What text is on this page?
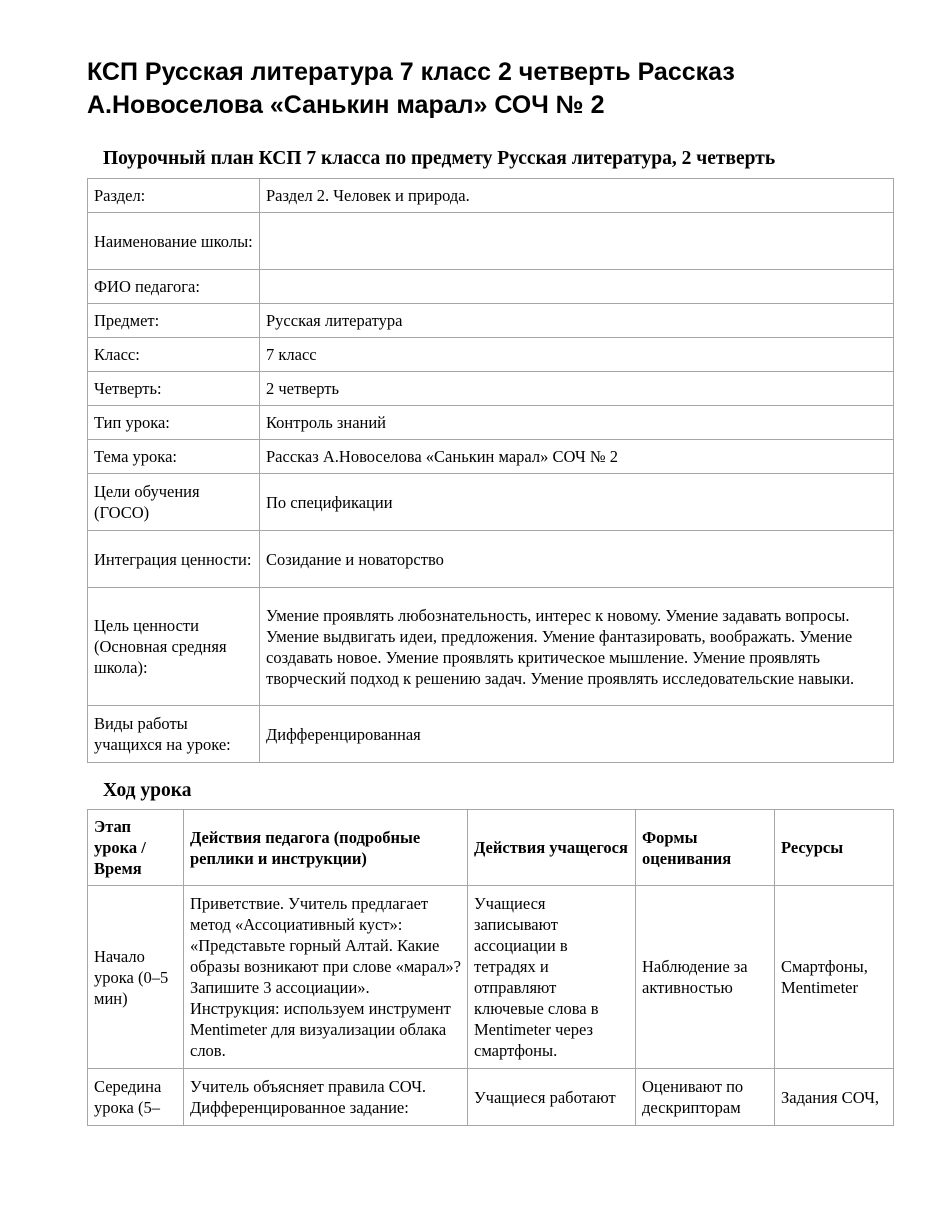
КСП Русская литература 7 класс 2 четверть Рассказ А.Новоселова «Санькин марал» СОЧ № 2
Поурочный план КСП 7 класса по предмету Русская литература, 2 четверть
Раздел:	Раздел 2. Человек и природа.
Наименование школы:	
ФИО педагога:	
Предмет:	Русская литература
Класс:	7 класс
Четверть:	2 четверть
Тип урока:	Контроль знаний
Тема урока:	Рассказ А.Новоселова «Санькин марал» СОЧ № 2
Цели обучения (ГОСО)	По спецификации
Интеграция ценности:	Созидание и новаторство
Цель ценности (Основная средняя школа):	Умение проявлять любознательность, интерес к новому. Умение задавать вопросы. Умение выдвигать идеи, предложения. Умение фантазировать, воображать. Умение создавать новое. Умение проявлять критическое мышление. Умение проявлять творческий подход к решению задач. Умение проявлять исследовательские навыки.
Виды работы учащихся на уроке:	Дифференцированная
Ход урока
Этап урока / Время	Действия педагога (подробные реплики и инструкции)	Действия учащегося	Формы оценивания	Ресурсы
Начало урока (0–5 мин)	Приветствие. Учитель предлагает метод «Ассоциативный куст»: «Представьте горный Алтай. Какие образы возникают при слове «марал»? Запишите 3 ассоциации». Инструкция: используем инструмент Mentimeter для визуализации облака слов.	Учащиеся записывают ассоциации в тетрадях и отправляют ключевые слова в Mentimeter через смартфоны.	Наблюдение за активностью	Смартфоны, Mentimeter
Середина урока (5–	Учитель объясняет правила СОЧ. Дифференцированное задание:	Учащиеся работают	Оценивают по дескрипторам	Задания СОЧ,
